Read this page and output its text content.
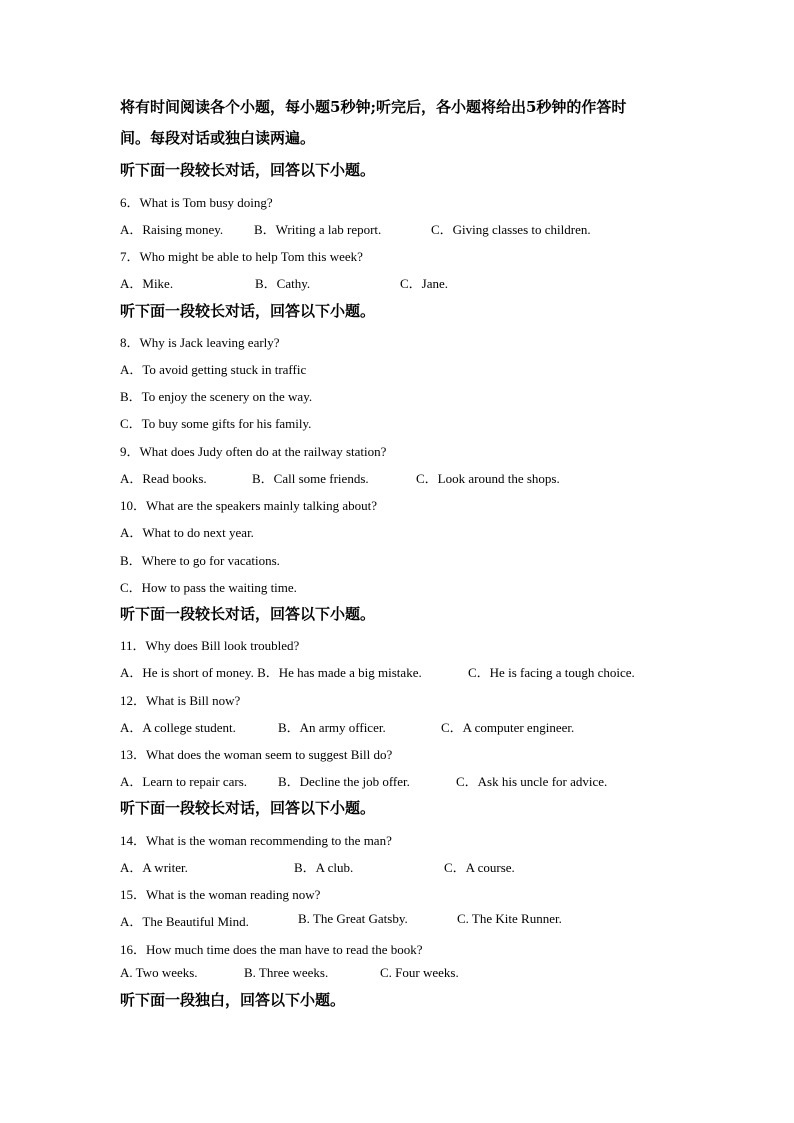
将有时间阅读各个小题，每小题5秒钟;听完后，各小题将给出5秒钟的作答时
间。每段对话或独白读两遍。
听下面一段较长对话，回答以下小题。
6．What is Tom busy doing?
A．Raising money. B．Writing a lab report.	C．Giving classes to children.
7．Who might be able to help Tom this week?
A．Mike.	B．Cathy.	C．Jane.
听下面一段较长对话，回答以下小题。
8．Why is Jack leaving early?
A．To avoid getting stuck in traffic
B．To enjoy the scenery on the way.
C．To buy some gifts for his family.
9．What does Judy often do at the railway station?
A．Read books.	B．Call some friends.	C．Look around the shops.
10．What are the speakers mainly talking about?
A．What to do next year.
B．Where to go for vacations.
C．How to pass the waiting time.
听下面一段较长对话，回答以下小题。
11．Why does Bill look troubled?
A．He is short of money. B．He has made a big mistake.	C．He is facing a tough choice.
12．What is Bill now?
A．A college student.	B．An army officer.	C．A computer engineer.
13．What does the woman seem to suggest Bill do?
A．Learn to repair cars. B．Decline the job offer.	C．Ask his uncle for advice.
听下面一段较长对话，回答以下小题。
14．What is the woman recommending to the man?
A．A writer.	B．A club.	C．A course.
15．What is the woman reading now?
A．The Beautiful Mind.	B. The Great Gatsby.	C. The Kite Runner.
16．How much time does the man have to read the book?
A. Two weeks.	B. Three weeks.	C. Four weeks.
听下面一段独白，回答以下小题。
